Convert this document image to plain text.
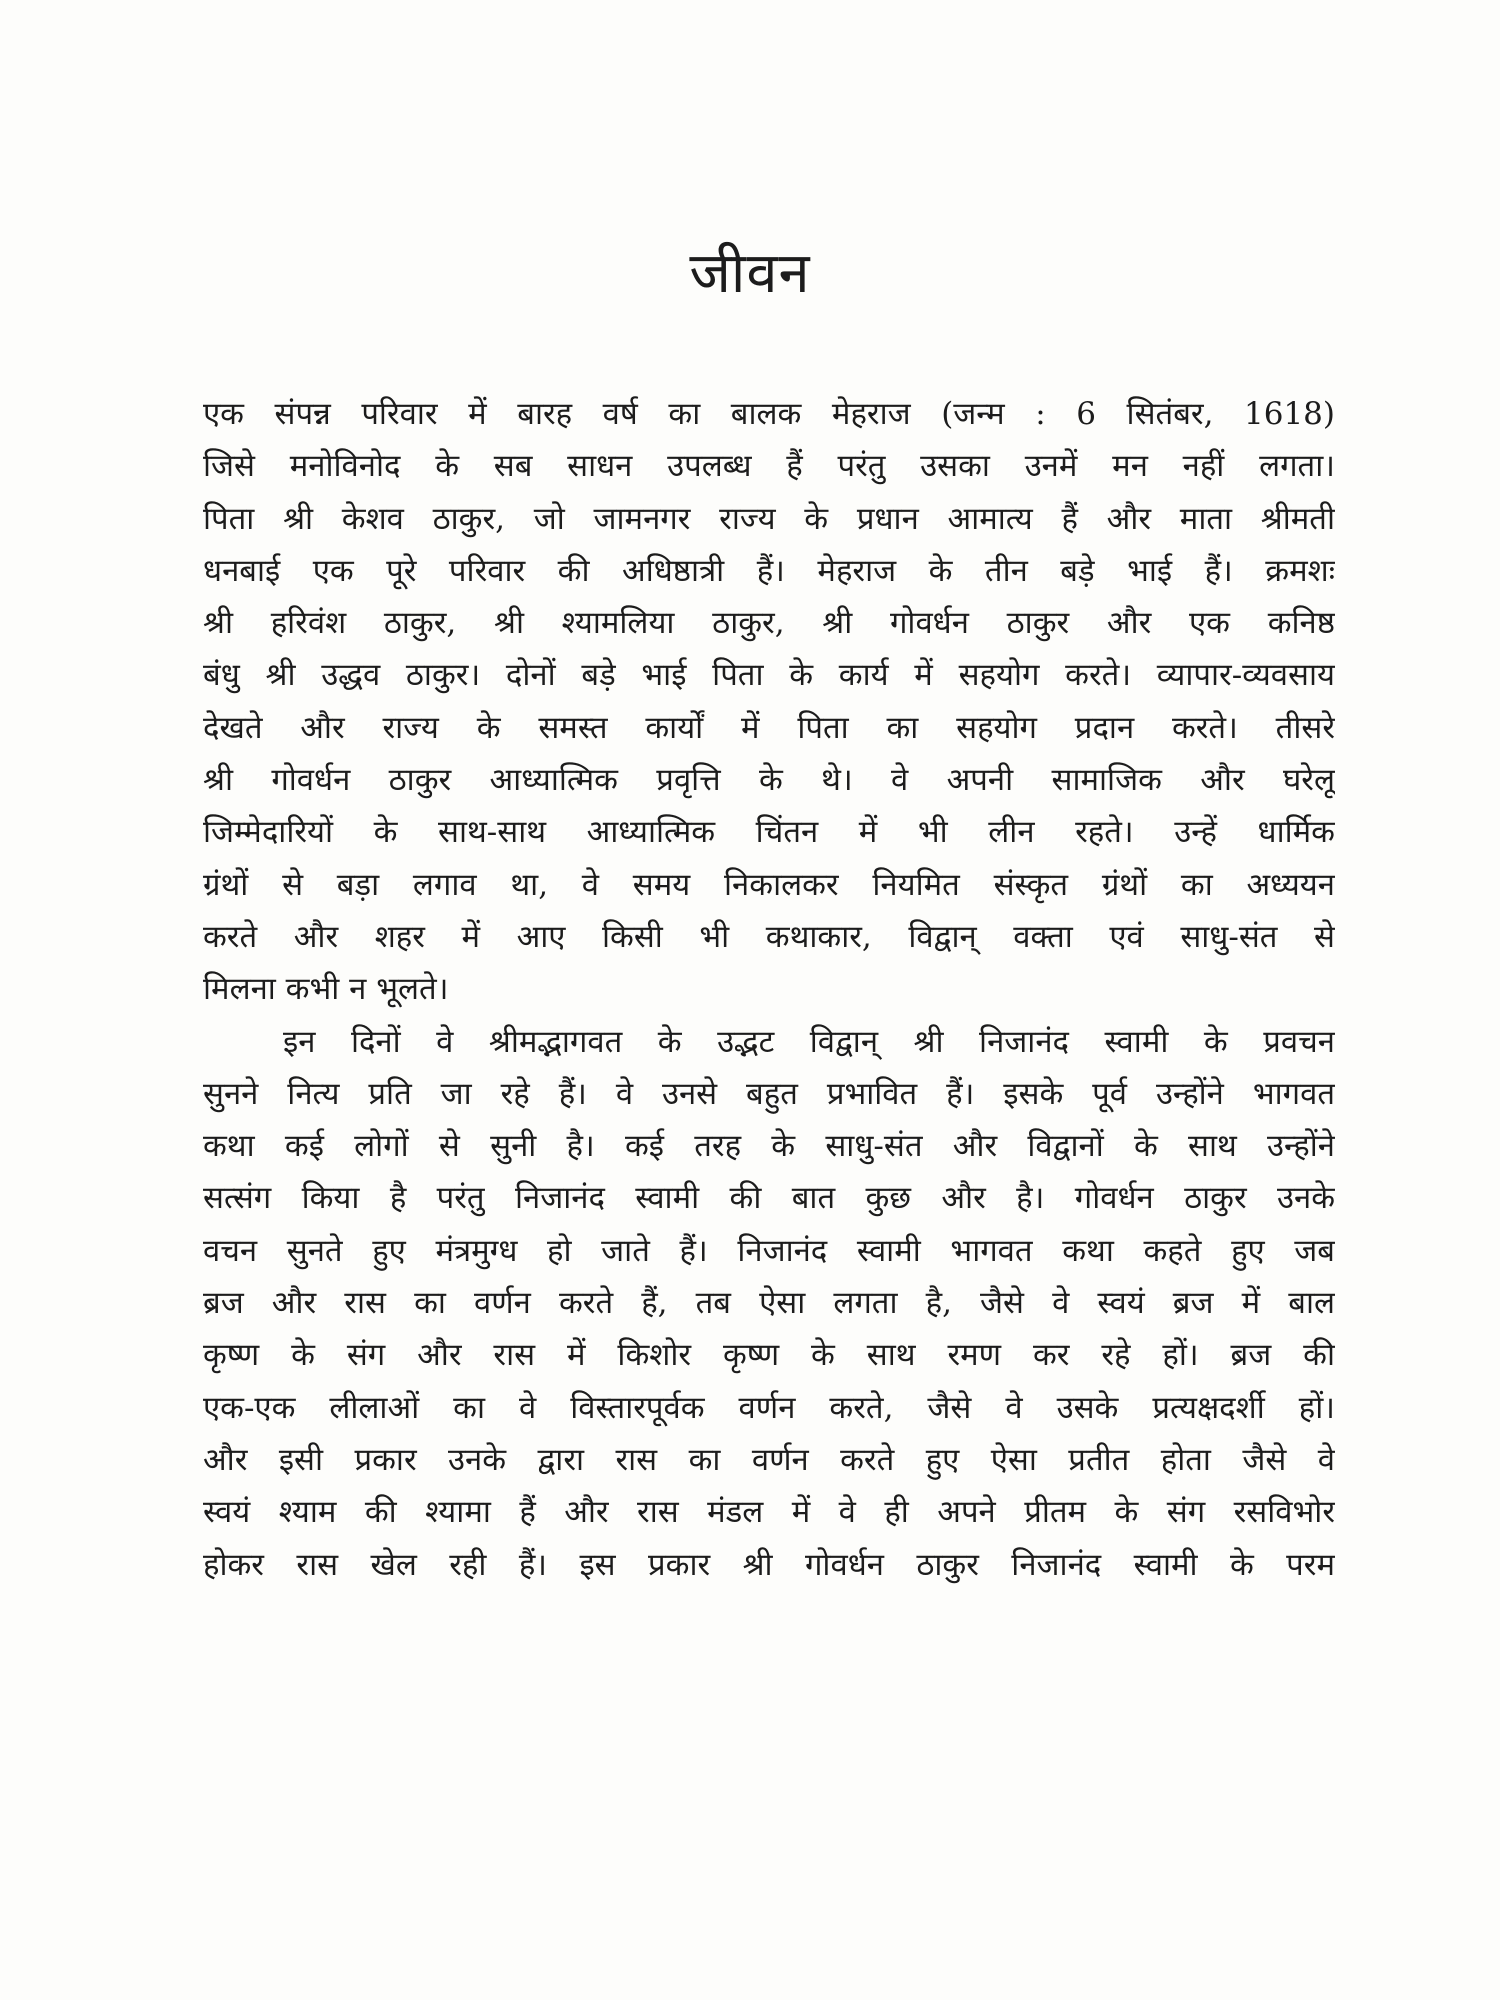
जीवन
एक संपन्न परिवार में बारह वर्ष का बालक मेहराज (जन्म : 6 सितंबर, 1618)
जिसे मनोविनोद के सब साधन उपलब्ध हैं परंतु उसका उनमें मन नहीं लगता।
पिता श्री केशव ठाकुर, जो जामनगर राज्य के प्रधान आमात्य हैं और माता श्रीमती
धनबाई एक पूरे परिवार की अधिष्ठात्री हैं। मेहराज के तीन बड़े भाई हैं। क्रमशः
श्री हरिवंश ठाकुर, श्री श्यामलिया ठाकुर, श्री गोवर्धन ठाकुर और एक कनिष्ठ
बंधु श्री उद्धव ठाकुर। दोनों बड़े भाई पिता के कार्य में सहयोग करते। व्यापार-व्यवसाय
देखते और राज्य के समस्त कार्यों में पिता का सहयोग प्रदान करते। तीसरे
श्री गोवर्धन ठाकुर आध्यात्मिक प्रवृत्ति के थे। वे अपनी सामाजिक और घरेलू
जिम्मेदारियों के साथ-साथ आध्यात्मिक चिंतन में भी लीन रहते। उन्हें धार्मिक
ग्रंथों से बड़ा लगाव था, वे समय निकालकर नियमित संस्कृत ग्रंथों का अध्ययन
करते और शहर में आए किसी भी कथाकार, विद्वान् वक्ता एवं साधु-संत से
मिलना कभी न भूलते।
इन दिनों वे श्रीमद्भागवत के उद्भट विद्वान् श्री निजानंद स्वामी के प्रवचन
सुनने नित्य प्रति जा रहे हैं। वे उनसे बहुत प्रभावित हैं। इसके पूर्व उन्होंने भागवत
कथा कई लोगों से सुनी है। कई तरह के साधु-संत और विद्वानों के साथ उन्होंने
सत्संग किया है परंतु निजानंद स्वामी की बात कुछ और है। गोवर्धन ठाकुर उनके
वचन सुनते हुए मंत्रमुग्ध हो जाते हैं। निजानंद स्वामी भागवत कथा कहते हुए जब
ब्रज और रास का वर्णन करते हैं, तब ऐसा लगता है, जैसे वे स्वयं ब्रज में बाल
कृष्ण के संग और रास में किशोर कृष्ण के साथ रमण कर रहे हों। ब्रज की
एक-एक लीलाओं का वे विस्तारपूर्वक वर्णन करते, जैसे वे उसके प्रत्यक्षदर्शी हों।
और इसी प्रकार उनके द्वारा रास का वर्णन करते हुए ऐसा प्रतीत होता जैसे वे
स्वयं श्याम की श्यामा हैं और रास मंडल में वे ही अपने प्रीतम के संग रसविभोर
होकर रास खेल रही हैं। इस प्रकार श्री गोवर्धन ठाकुर निजानंद स्वामी के परम
